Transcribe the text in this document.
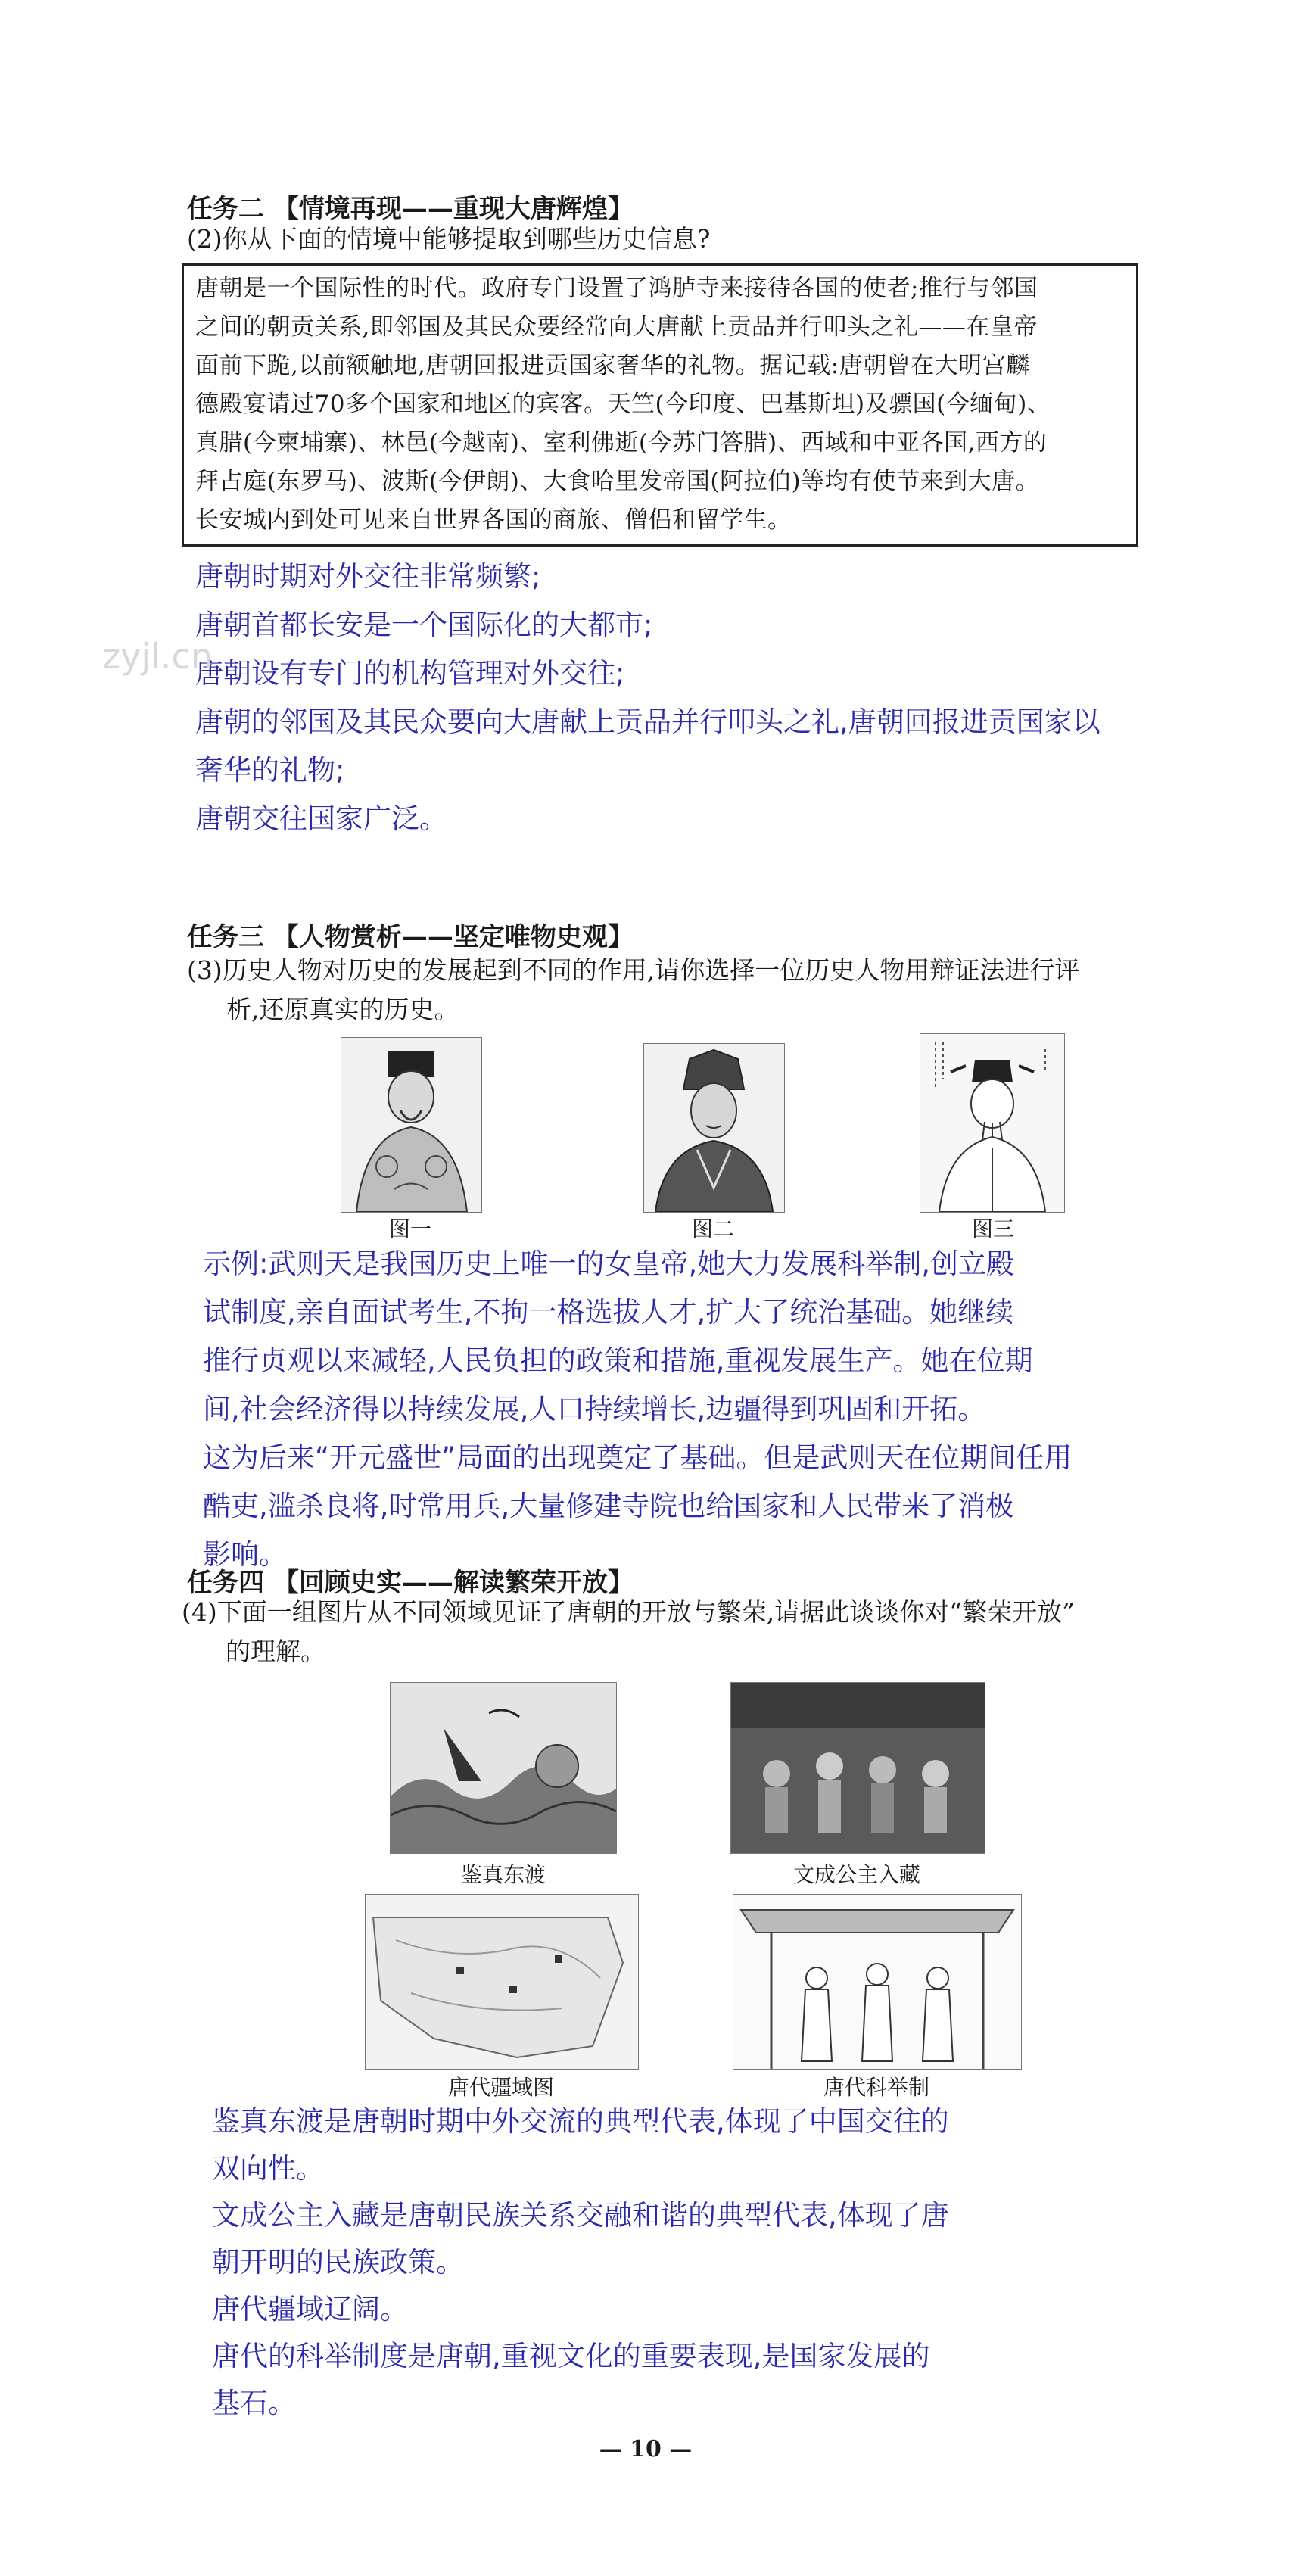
任务二 【情境再现——重现大唐辉煌】
(2)你从下面的情境中能够提取到哪些历史信息?
唐朝是一个国际性的时代。政府专门设置了鸿胪寺来接待各国的使者;推行与邻国
之间的朝贡关系,即邻国及其民众要经常向大唐献上贡品并行叩头之礼——在皇帝
面前下跪,以前额触地,唐朝回报进贡国家奢华的礼物。据记载:唐朝曾在大明宫麟
德殿宴请过70多个国家和地区的宾客。天竺(今印度、巴基斯坦)及骠国(今缅甸)、
真腊(今柬埔寨)、林邑(今越南)、室利佛逝(今苏门答腊)、西域和中亚各国,西方的
拜占庭(东罗马)、波斯(今伊朗)、大食哈里发帝国(阿拉伯)等均有使节来到大唐。
长安城内到处可见来自世界各国的商旅、僧侣和留学生。
唐朝时期对外交往非常频繁;
唐朝首都长安是一个国际化的大都市;
唐朝设有专门的机构管理对外交往;
唐朝的邻国及其民众要向大唐献上贡品并行叩头之礼,唐朝回报进贡国家以
奢华的礼物;
唐朝交往国家广泛。
zyjl.cn
任务三 【人物赏析——坚定唯物史观】
(3)历史人物对历史的发展起到不同的作用,请你选择一位历史人物用辩证法进行评
析,还原真实的历史。
图一	图二	图三
示例:武则天是我国历史上唯一的女皇帝,她大力发展科举制,创立殿
试制度,亲自面试考生,不拘一格选拔人才,扩大了统治基础。她继续
推行贞观以来减轻,人民负担的政策和措施,重视发展生产。她在位期
间,社会经济得以持续发展,人口持续增长,边疆得到巩固和开拓。
这为后来“开元盛世”局面的出现奠定了基础。但是武则天在位期间任用
酷吏,滥杀良将,时常用兵,大量修建寺院也给国家和人民带来了消极
影响。
任务四 【回顾史实——解读繁荣开放】
(4)下面一组图片从不同领域见证了唐朝的开放与繁荣,请据此谈谈你对“繁荣开放”
的理解。
鉴真东渡	文成公主入藏
唐代疆域图	唐代科举制
鉴真东渡是唐朝时期中外交流的典型代表,体现了中国交往的
双向性。
文成公主入藏是唐朝民族关系交融和谐的典型代表,体现了唐
朝开明的民族政策。
唐代疆域辽阔。
唐代的科举制度是唐朝,重视文化的重要表现,是国家发展的
基石。
— 10 —
